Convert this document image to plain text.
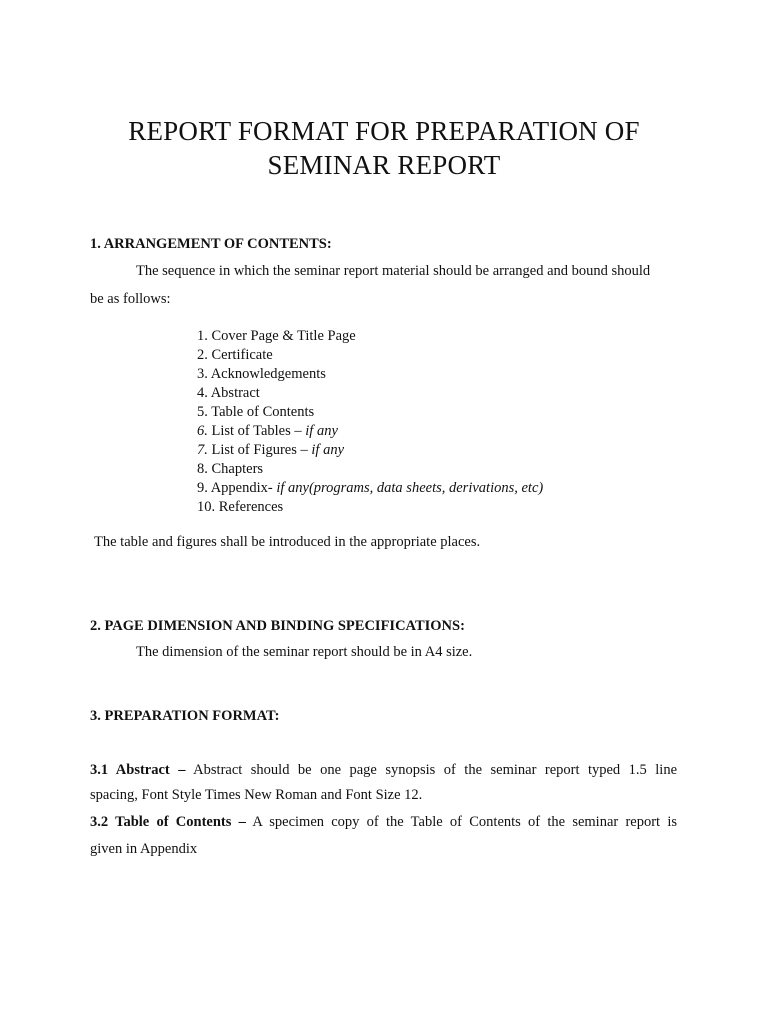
REPORT FORMAT FOR PREPARATION OF
SEMINAR REPORT
1. ARRANGEMENT OF CONTENTS:
The sequence in which the seminar report material should be arranged and bound should
be as follows:
1. Cover Page & Title Page
2. Certificate
3. Acknowledgements
4. Abstract
5. Table of Contents
6. List of Tables – if any
7. List of Figures – if any
8. Chapters
9. Appendix- if any(programs, data sheets, derivations, etc)
10. References
The table and figures shall be introduced in the appropriate places.
2. PAGE DIMENSION AND BINDING SPECIFICATIONS:
The dimension of the seminar report should be in A4 size.
3. PREPARATION FORMAT:
3.1 Abstract – Abstract should be one page synopsis of the seminar report typed 1.5 line
spacing, Font Style Times New Roman and Font Size 12.
3.2 Table of Contents – A specimen copy of the Table of Contents of the seminar report is
given in Appendix
